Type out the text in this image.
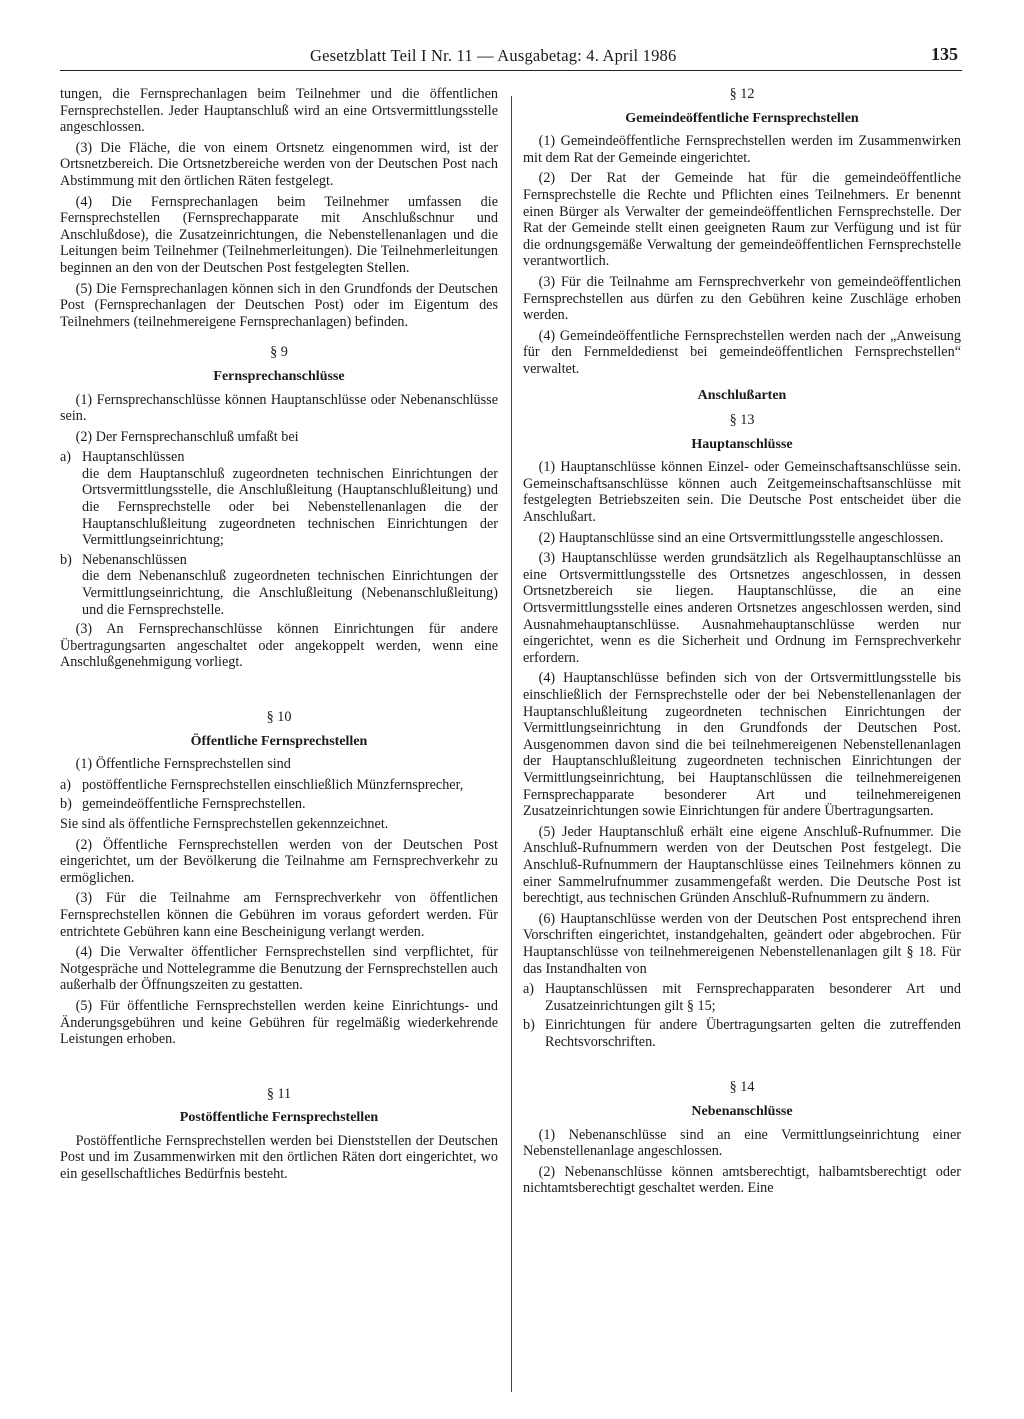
Gesetzblatt Teil I Nr. 11 — Ausgabetag: 4. April 1986	135

tungen, die Fernsprechanlagen beim Teilnehmer und die öffentlichen Fernsprechstellen. Jeder Hauptanschluß wird an eine Ortsvermittlungsstelle angeschlossen.

(3) Die Fläche, die von einem Ortsnetz eingenommen wird, ist der Ortsnetzbereich. Die Ortsnetzbereiche werden von der Deutschen Post nach Abstimmung mit den örtlichen Räten festgelegt.

(4) Die Fernsprechanlagen beim Teilnehmer umfassen die Fernsprechstellen (Fernsprechapparate mit Anschlußschnur und Anschlußdose), die Zusatzeinrichtungen, die Nebenstellenanlagen und die Leitungen beim Teilnehmer (Teilnehmerleitungen). Die Teilnehmerleitungen beginnen an den von der Deutschen Post festgelegten Stellen.

(5) Die Fernsprechanlagen können sich in den Grundfonds der Deutschen Post (Fernsprechanlagen der Deutschen Post) oder im Eigentum des Teilnehmers (teilnehmereigene Fernsprechanlagen) befinden.

§ 9
Fernsprechanschlüsse

(1) Fernsprechanschlüsse können Hauptanschlüsse oder Nebenanschlüsse sein.

(2) Der Fernsprechanschluß umfaßt bei

a) Hauptanschlüssen
die dem Hauptanschluß zugeordneten technischen Einrichtungen der Ortsvermittlungsstelle, die Anschlußleitung (Hauptanschlußleitung) und die Fernsprechstelle oder bei Nebenstellenanlagen die der Hauptanschlußleitung zugeordneten technischen Einrichtungen der Vermittlungseinrichtung;
b) Nebenanschlüssen
die dem Nebenanschluß zugeordneten technischen Einrichtungen der Vermittlungseinrichtung, die Anschlußleitung (Nebenanschlußleitung) und die Fernsprechstelle.

(3) An Fernsprechanschlüsse können Einrichtungen für andere Übertragungsarten angeschaltet oder angekoppelt werden, wenn eine Anschlußgenehmigung vorliegt.

§ 10
Öffentliche Fernsprechstellen

(1) Öffentliche Fernsprechstellen sind

a) postöffentliche Fernsprechstellen einschließlich Münzfernsprecher,
b) gemeindeöffentliche Fernsprechstellen.

Sie sind als öffentliche Fernsprechstellen gekennzeichnet.

(2) Öffentliche Fernsprechstellen werden von der Deutschen Post eingerichtet, um der Bevölkerung die Teilnahme am Fernsprechverkehr zu ermöglichen.

(3) Für die Teilnahme am Fernsprechverkehr von öffentlichen Fernsprechstellen können die Gebühren im voraus gefordert werden. Für entrichtete Gebühren kann eine Bescheinigung verlangt werden.

(4) Die Verwalter öffentlicher Fernsprechstellen sind verpflichtet, für Notgespräche und Nottelegramme die Benutzung der Fernsprechstellen auch außerhalb der Öffnungszeiten zu gestatten.

(5) Für öffentliche Fernsprechstellen werden keine Einrichtungs- und Änderungsgebühren und keine Gebühren für regelmäßig wiederkehrende Leistungen erhoben.

§ 11
Postöffentliche Fernsprechstellen

Postöffentliche Fernsprechstellen werden bei Dienststellen der Deutschen Post und im Zusammenwirken mit den örtlichen Räten dort eingerichtet, wo ein gesellschaftliches Bedürfnis besteht.

§ 12
Gemeindeöffentliche Fernsprechstellen

(1) Gemeindeöffentliche Fernsprechstellen werden im Zusammenwirken mit dem Rat der Gemeinde eingerichtet.

(2) Der Rat der Gemeinde hat für die gemeindeöffentliche Fernsprechstelle die Rechte und Pflichten eines Teilnehmers. Er benennt einen Bürger als Verwalter der gemeindeöffentlichen Fernsprechstelle. Der Rat der Gemeinde stellt einen geeigneten Raum zur Verfügung und ist für die ordnungsgemäße Verwaltung der gemeindeöffentlichen Fernsprechstelle verantwortlich.

(3) Für die Teilnahme am Fernsprechverkehr von gemeindeöffentlichen Fernsprechstellen aus dürfen zu den Gebühren keine Zuschläge erhoben werden.

(4) Gemeindeöffentliche Fernsprechstellen werden nach der „Anweisung für den Fernmeldedienst bei gemeindeöffentlichen Fernsprechstellen“ verwaltet.

Anschlußarten
§ 13
Hauptanschlüsse

(1) Hauptanschlüsse können Einzel- oder Gemeinschaftsanschlüsse sein. Gemeinschaftsanschlüsse können auch Zeitgemeinschaftsanschlüsse mit festgelegten Betriebszeiten sein. Die Deutsche Post entscheidet über die Anschlußart.

(2) Hauptanschlüsse sind an eine Ortsvermittlungsstelle angeschlossen.

(3) Hauptanschlüsse werden grundsätzlich als Regelhauptanschlüsse an eine Ortsvermittlungsstelle des Ortsnetzes angeschlossen, in dessen Ortsnetzbereich sie liegen. Hauptanschlüsse, die an eine Ortsvermittlungsstelle eines anderen Ortsnetzes angeschlossen werden, sind Ausnahmehauptanschlüsse. Ausnahmehauptanschlüsse werden nur eingerichtet, wenn es die Sicherheit und Ordnung im Fernsprechverkehr erfordern.

(4) Hauptanschlüsse befinden sich von der Ortsvermittlungsstelle bis einschließlich der Fernsprechstelle oder der bei Nebenstellenanlagen der Hauptanschlußleitung zugeordneten technischen Einrichtungen der Vermittlungseinrichtung in den Grundfonds der Deutschen Post. Ausgenommen davon sind die bei teilnehmereigenen Nebenstellenanlagen der Hauptanschlußleitung zugeordneten technischen Einrichtungen der Vermittlungseinrichtung, bei Hauptanschlüssen die teilnehmereigenen Fernsprechapparate besonderer Art und teilnehmereigenen Zusatzeinrichtungen sowie Einrichtungen für andere Übertragungsarten.

(5) Jeder Hauptanschluß erhält eine eigene Anschluß-Rufnummer. Die Anschluß-Rufnummern werden von der Deutschen Post festgelegt. Die Anschluß-Rufnummern der Hauptanschlüsse eines Teilnehmers können zu einer Sammelrufnummer zusammengefaßt werden. Die Deutsche Post ist berechtigt, aus technischen Gründen Anschluß-Rufnummern zu ändern.

(6) Hauptanschlüsse werden von der Deutschen Post entsprechend ihren Vorschriften eingerichtet, instandgehalten, geändert oder abgebrochen. Für Hauptanschlüsse von teilnehmereigenen Nebenstellenanlagen gilt § 18. Für das Instandhalten von

a) Hauptanschlüssen mit Fernsprechapparaten besonderer Art und Zusatzeinrichtungen gilt § 15;
b) Einrichtungen für andere Übertragungsarten gelten die zutreffenden Rechtsvorschriften.
§ 14
Nebenanschlüsse

(1) Nebenanschlüsse sind an eine Vermittlungseinrichtung einer Nebenstellenanlage angeschlossen.

(2) Nebenanschlüsse können amtsberechtigt, halbamtsberechtigt oder nichtamtsberechtigt geschaltet werden. Eine
